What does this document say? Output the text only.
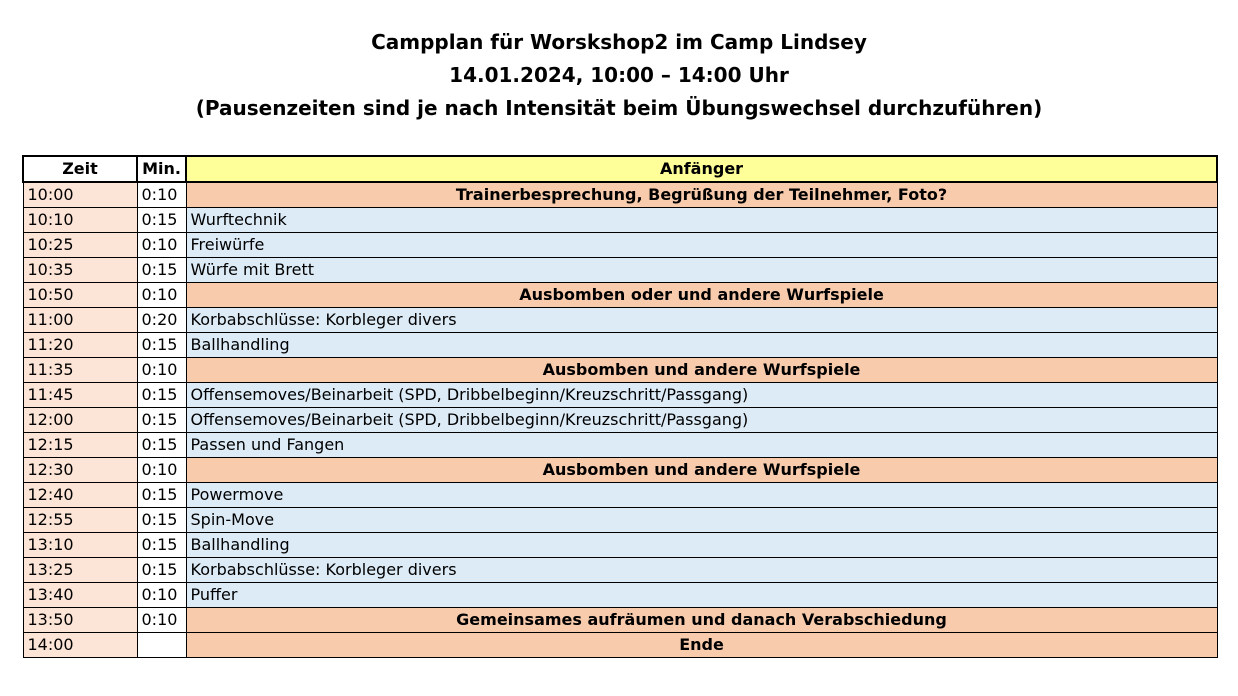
Campplan für Worskshop2 im Camp Lindsey
14.01.2024, 10:00 – 14:00 Uhr
(Pausenzeiten sind je nach Intensität beim Übungswechsel durchzuführen)
Zeit	Min.	Anfänger
10:00	0:10	Trainerbesprechung, Begrüßung der Teilnehmer, Foto?
10:10	0:15	Wurftechnik
10:25	0:10	Freiwürfe
10:35	0:15	Würfe mit Brett
10:50	0:10	Ausbomben oder und andere Wurfspiele
11:00	0:20	Korbabschlüsse: Korbleger divers
11:20	0:15	Ballhandling
11:35	0:10	Ausbomben und andere Wurfspiele
11:45	0:15	Offensemoves/Beinarbeit (SPD, Dribbelbeginn/Kreuzschritt/Passgang)
12:00	0:15	Offensemoves/Beinarbeit (SPD, Dribbelbeginn/Kreuzschritt/Passgang)
12:15	0:15	Passen und Fangen
12:30	0:10	Ausbomben und andere Wurfspiele
12:40	0:15	Powermove
12:55	0:15	Spin-Move
13:10	0:15	Ballhandling
13:25	0:15	Korbabschlüsse: Korbleger divers
13:40	0:10	Puffer
13:50	0:10	Gemeinsames aufräumen und danach Verabschiedung
14:00		Ende
